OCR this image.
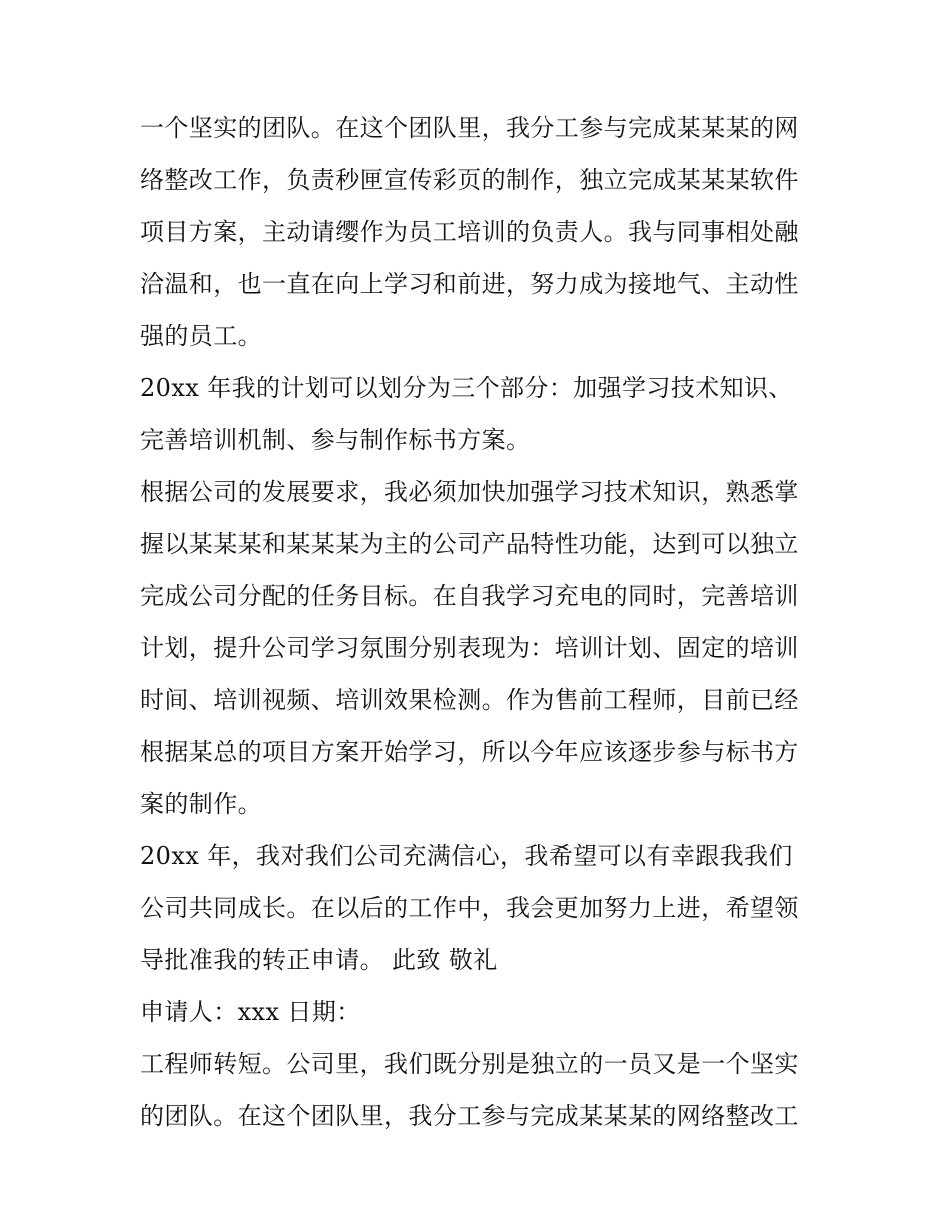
一个坚实的团队。在这个团队里，我分工参与完成某某某的网
络整改工作，负责秒匣宣传彩页的制作，独立完成某某某软件
项目方案，主动请缨作为员工培训的负责人。我与同事相处融
洽温和，也一直在向上学习和前进，努力成为接地气、主动性
强的员工。
20xx 年我的计划可以划分为三个部分：加强学习技术知识、
完善培训机制、参与制作标书方案。
根据公司的发展要求，我必须加快加强学习技术知识，熟悉掌
握以某某某和某某某为主的公司产品特性功能，达到可以独立
完成公司分配的任务目标。在自我学习充电的同时，完善培训
计划，提升公司学习氛围分别表现为：培训计划、固定的培训
时间、培训视频、培训效果检测。作为售前工程师，目前已经
根据某总的项目方案开始学习，所以今年应该逐步参与标书方
案的制作。
20xx 年，我对我们公司充满信心，我希望可以有幸跟我我们
公司共同成长。在以后的工作中，我会更加努力上进，希望领
导批准我的转正申请。 此致 敬礼
申请人：xxx 日期：
工程师转短。公司里，我们既分别是独立的一员又是一个坚实
的团队。在这个团队里，我分工参与完成某某某的网络整改工
